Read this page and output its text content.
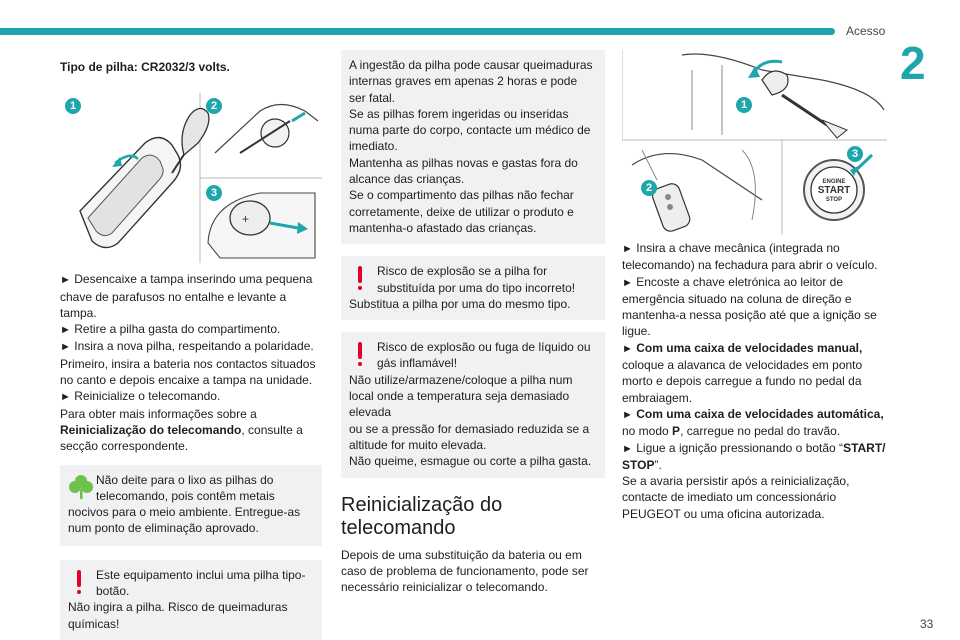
Acesso
2
33

Tipo de pilha: CR2032/3 volts.

+
1	2
3

► Desencaixe a tampa inserindo uma pequena chave de parafusos no entalhe e levante a tampa.

► Retire a pilha gasta do compartimento.

► Insira a nova pilha, respeitando a polaridade.

Primeiro, insira a bateria nos contactos situados no canto e depois encaixe a tampa na unidade.

► Reinicialize o telecomando.

Para obter mais informações sobre a Reinicialização do telecomando, consulte a secção correspondente.

Não deite para o lixo as pilhas do telecomando, pois contêm metais nocivos para o meio ambiente. Entregue-as num ponto de eliminação aprovado.

Este equipamento inclui uma pilha tipo-botão.

Não ingira a pilha. Risco de queimaduras químicas!

A ingestão da pilha pode causar queimaduras internas graves em apenas 2 horas e pode ser fatal.

Se as pilhas forem ingeridas ou inseridas numa parte do corpo, contacte um médico de imediato.

Mantenha as pilhas novas e gastas fora do alcance das crianças.

Se o compartimento das pilhas não fechar corretamente, deixe de utilizar o produto e mantenha-o afastado das crianças.

Risco de explosão se a pilha for substituída por uma do tipo incorreto!

Substitua a pilha por uma do mesmo tipo.

Risco de explosão ou fuga de líquido ou gás inflamável!

Não utilize/armazene/coloque a pilha num local onde a temperatura seja demasiado elevada

ou se a pressão for demasiado reduzida se a altitude for muito elevada.

Não queime, esmague ou corte a pilha gasta.

Reinicialização do telecomando

Depois de uma substituição da bateria ou em caso de problema de funcionamento, pode ser necessário reinicializar o telecomando.

ENGINE
START
STOP
1
2
3

► Insira a chave mecânica (integrada no telecomando) na fechadura para abrir o veículo.

► Encoste a chave eletrónica ao leitor de emergência situado na coluna de direção e mantenha-a nessa posição até que a ignição se ligue.

► Com uma caixa de velocidades manual,

coloque a alavanca de velocidades em ponto morto e depois carregue a fundo no pedal da embraiagem.

► Com uma caixa de velocidades automática,

no modo P, carregue no pedal do travão.

► Ligue a ignição pressionando o botão “START/ STOP”.

Se a avaria persistir após a reinicialização, contacte de imediato um concessionário PEUGEOT ou uma oficina autorizada.
